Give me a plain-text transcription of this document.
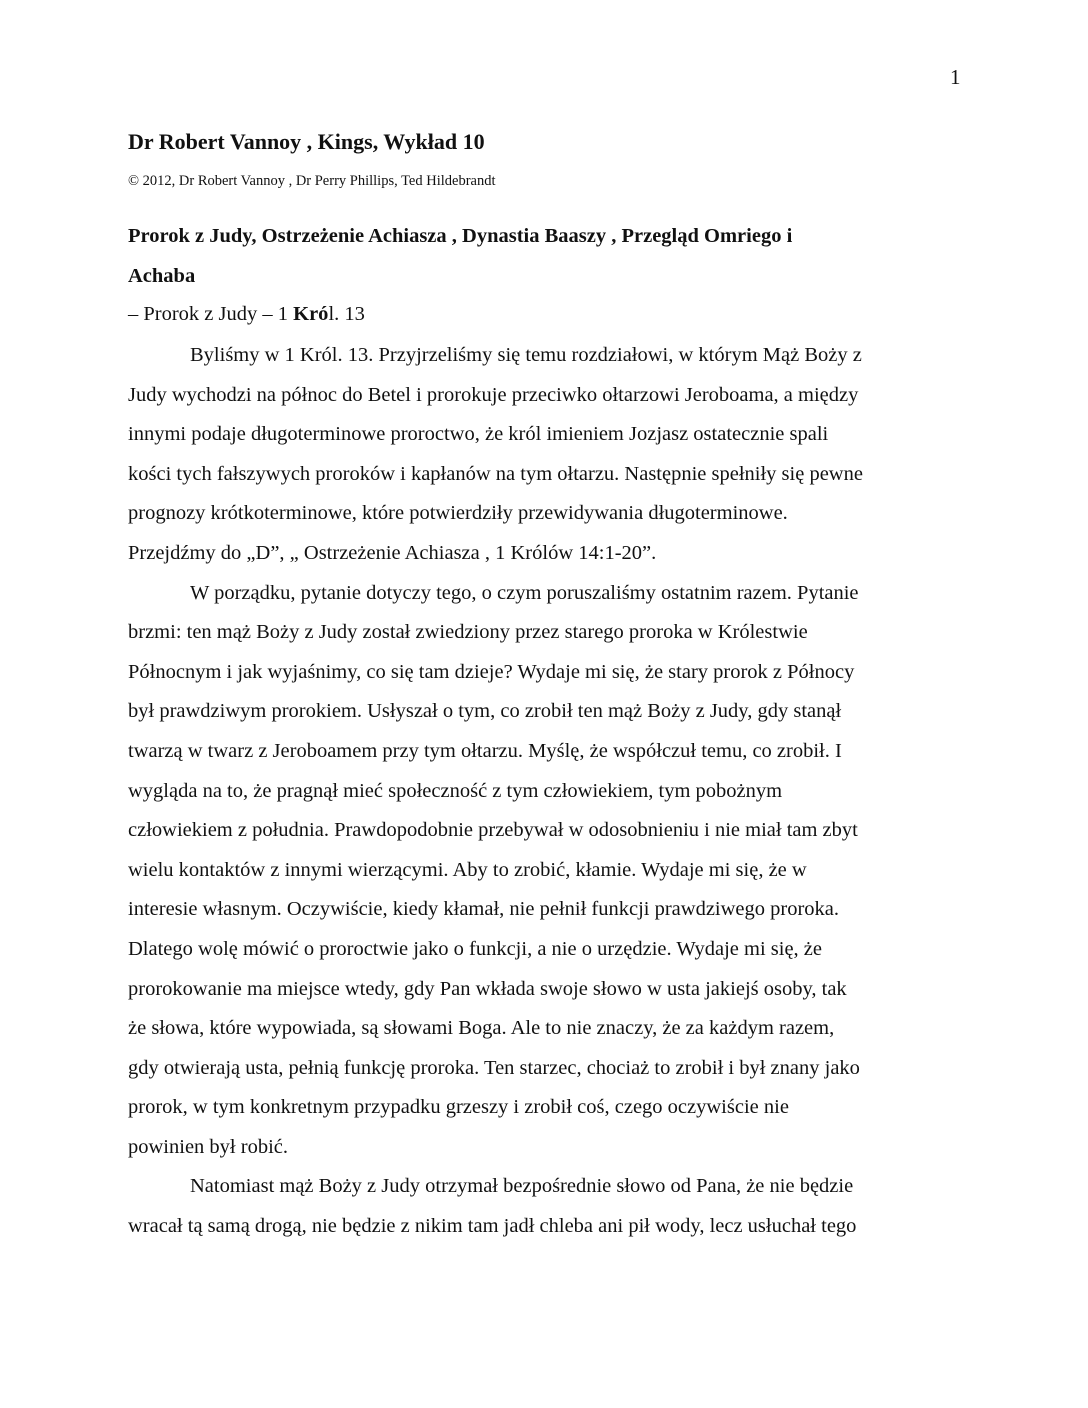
1
Dr Robert Vannoy , Kings, Wykład 10
© 2012, Dr Robert Vannoy , Dr Perry Phillips, Ted Hildebrandt
Prorok z Judy, Ostrzeżenie Achiasza , Dynastia Baaszy , Przegląd Omriego i
Achaba
– Prorok z Judy – 1 Król. 13
Byliśmy w 1 Król. 13. Przyjrzeliśmy się temu rozdziałowi, w którym Mąż Boży z
Judy wychodzi na północ do Betel i prorokuje przeciwko ołtarzowi Jeroboama, a między
innymi podaje długoterminowe proroctwo, że król imieniem Jozjasz ostatecznie spali
kości tych fałszywych proroków i kapłanów na tym ołtarzu. Następnie spełniły się pewne
prognozy krótkoterminowe, które potwierdziły przewidywania długoterminowe.
Przejdźmy do „D”, „ Ostrzeżenie Achiasza , 1 Królów 14:1-20”.
W porządku, pytanie dotyczy tego, o czym poruszaliśmy ostatnim razem. Pytanie
brzmi: ten mąż Boży z Judy został zwiedziony przez starego proroka w Królestwie
Północnym i jak wyjaśnimy, co się tam dzieje? Wydaje mi się, że stary prorok z Północy
był prawdziwym prorokiem. Usłyszał o tym, co zrobił ten mąż Boży z Judy, gdy stanął
twarzą w twarz z Jeroboamem przy tym ołtarzu. Myślę, że współczuł temu, co zrobił. I
wygląda na to, że pragnął mieć społeczność z tym człowiekiem, tym pobożnym
człowiekiem z południa. Prawdopodobnie przebywał w odosobnieniu i nie miał tam zbyt
wielu kontaktów z innymi wierzącymi. Aby to zrobić, kłamie. Wydaje mi się, że w
interesie własnym. Oczywiście, kiedy kłamał, nie pełnił funkcji prawdziwego proroka.
Dlatego wolę mówić o proroctwie jako o funkcji, a nie o urzędzie. Wydaje mi się, że
prorokowanie ma miejsce wtedy, gdy Pan wkłada swoje słowo w usta jakiejś osoby, tak
że słowa, które wypowiada, są słowami Boga. Ale to nie znaczy, że za każdym razem,
gdy otwierają usta, pełnią funkcję proroka. Ten starzec, chociaż to zrobił i był znany jako
prorok, w tym konkretnym przypadku grzeszy i zrobił coś, czego oczywiście nie
powinien był robić.
Natomiast mąż Boży z Judy otrzymał bezpośrednie słowo od Pana, że nie będzie
wracał tą samą drogą, nie będzie z nikim tam jadł chleba ani pił wody, lecz usłuchał tego
